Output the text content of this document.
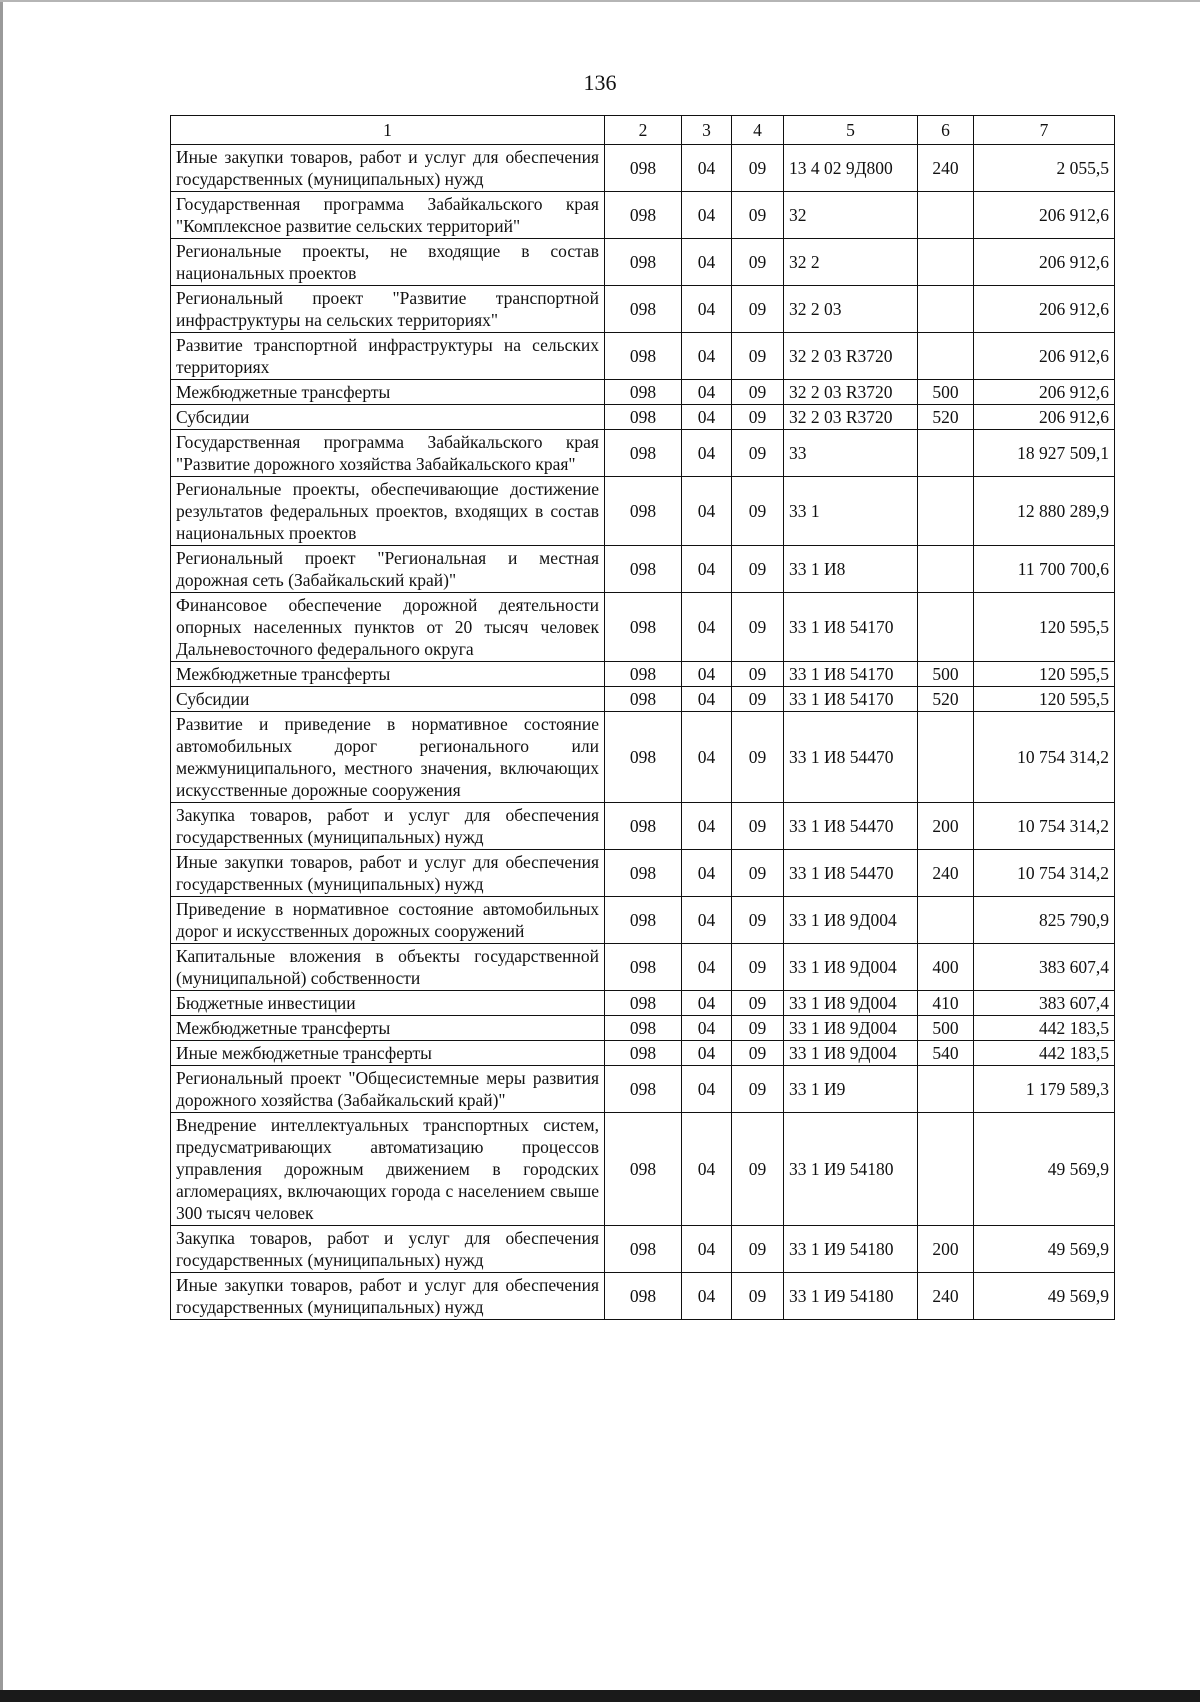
136
1	2	3	4	5	6	7
Иные закупки товаров, работ и услуг для обеспечения государственных (муниципальных) нужд	098	04	09	13 4 02 9Д800	240	2 055,5
Государственная программа Забайкальского края "Комплексное развитие сельских территорий"	098	04	09	32		206 912,6
Региональные проекты, не входящие в состав национальных проектов	098	04	09	32 2		206 912,6
Региональный проект "Развитие транспортной инфраструктуры на сельских территориях"	098	04	09	32 2 03		206 912,6
Развитие транспортной инфраструктуры на сельских территориях	098	04	09	32 2 03 R3720		206 912,6
Межбюджетные трансферты	098	04	09	32 2 03 R3720	500	206 912,6
Субсидии	098	04	09	32 2 03 R3720	520	206 912,6
Государственная программа Забайкальского края "Развитие дорожного хозяйства Забайкальского края"	098	04	09	33		18 927 509,1
Региональные проекты, обеспечивающие достижение результатов федеральных проектов, входящих в состав национальных проектов	098	04	09	33 1		12 880 289,9
Региональный проект "Региональная и местная дорожная сеть (Забайкальский край)"	098	04	09	33 1 И8		11 700 700,6
Финансовое обеспечение дорожной деятельности опорных населенных пунктов от 20 тысяч человек Дальневосточного федерального округа	098	04	09	33 1 И8 54170		120 595,5
Межбюджетные трансферты	098	04	09	33 1 И8 54170	500	120 595,5
Субсидии	098	04	09	33 1 И8 54170	520	120 595,5
Развитие и приведение в нормативное состояние автомобильных дорог регионального или межмуниципального, местного значения, включающих искусственные дорожные сооружения	098	04	09	33 1 И8 54470		10 754 314,2
Закупка товаров, работ и услуг для обеспечения государственных (муниципальных) нужд	098	04	09	33 1 И8 54470	200	10 754 314,2
Иные закупки товаров, работ и услуг для обеспечения государственных (муниципальных) нужд	098	04	09	33 1 И8 54470	240	10 754 314,2
Приведение в нормативное состояние автомобильных дорог и искусственных дорожных сооружений	098	04	09	33 1 И8 9Д004		825 790,9
Капитальные вложения в объекты государственной (муниципальной) собственности	098	04	09	33 1 И8 9Д004	400	383 607,4
Бюджетные инвестиции	098	04	09	33 1 И8 9Д004	410	383 607,4
Межбюджетные трансферты	098	04	09	33 1 И8 9Д004	500	442 183,5
Иные межбюджетные трансферты	098	04	09	33 1 И8 9Д004	540	442 183,5
Региональный проект "Общесистемные меры развития дорожного хозяйства (Забайкальский край)"	098	04	09	33 1 И9		1 179 589,3
Внедрение интеллектуальных транспортных систем, предусматривающих автоматизацию процессов управления дорожным движением в городских агломерациях, включающих города с населением свыше 300 тысяч человек	098	04	09	33 1 И9 54180		49 569,9
Закупка товаров, работ и услуг для обеспечения государственных (муниципальных) нужд	098	04	09	33 1 И9 54180	200	49 569,9
Иные закупки товаров, работ и услуг для обеспечения государственных (муниципальных) нужд	098	04	09	33 1 И9 54180	240	49 569,9
